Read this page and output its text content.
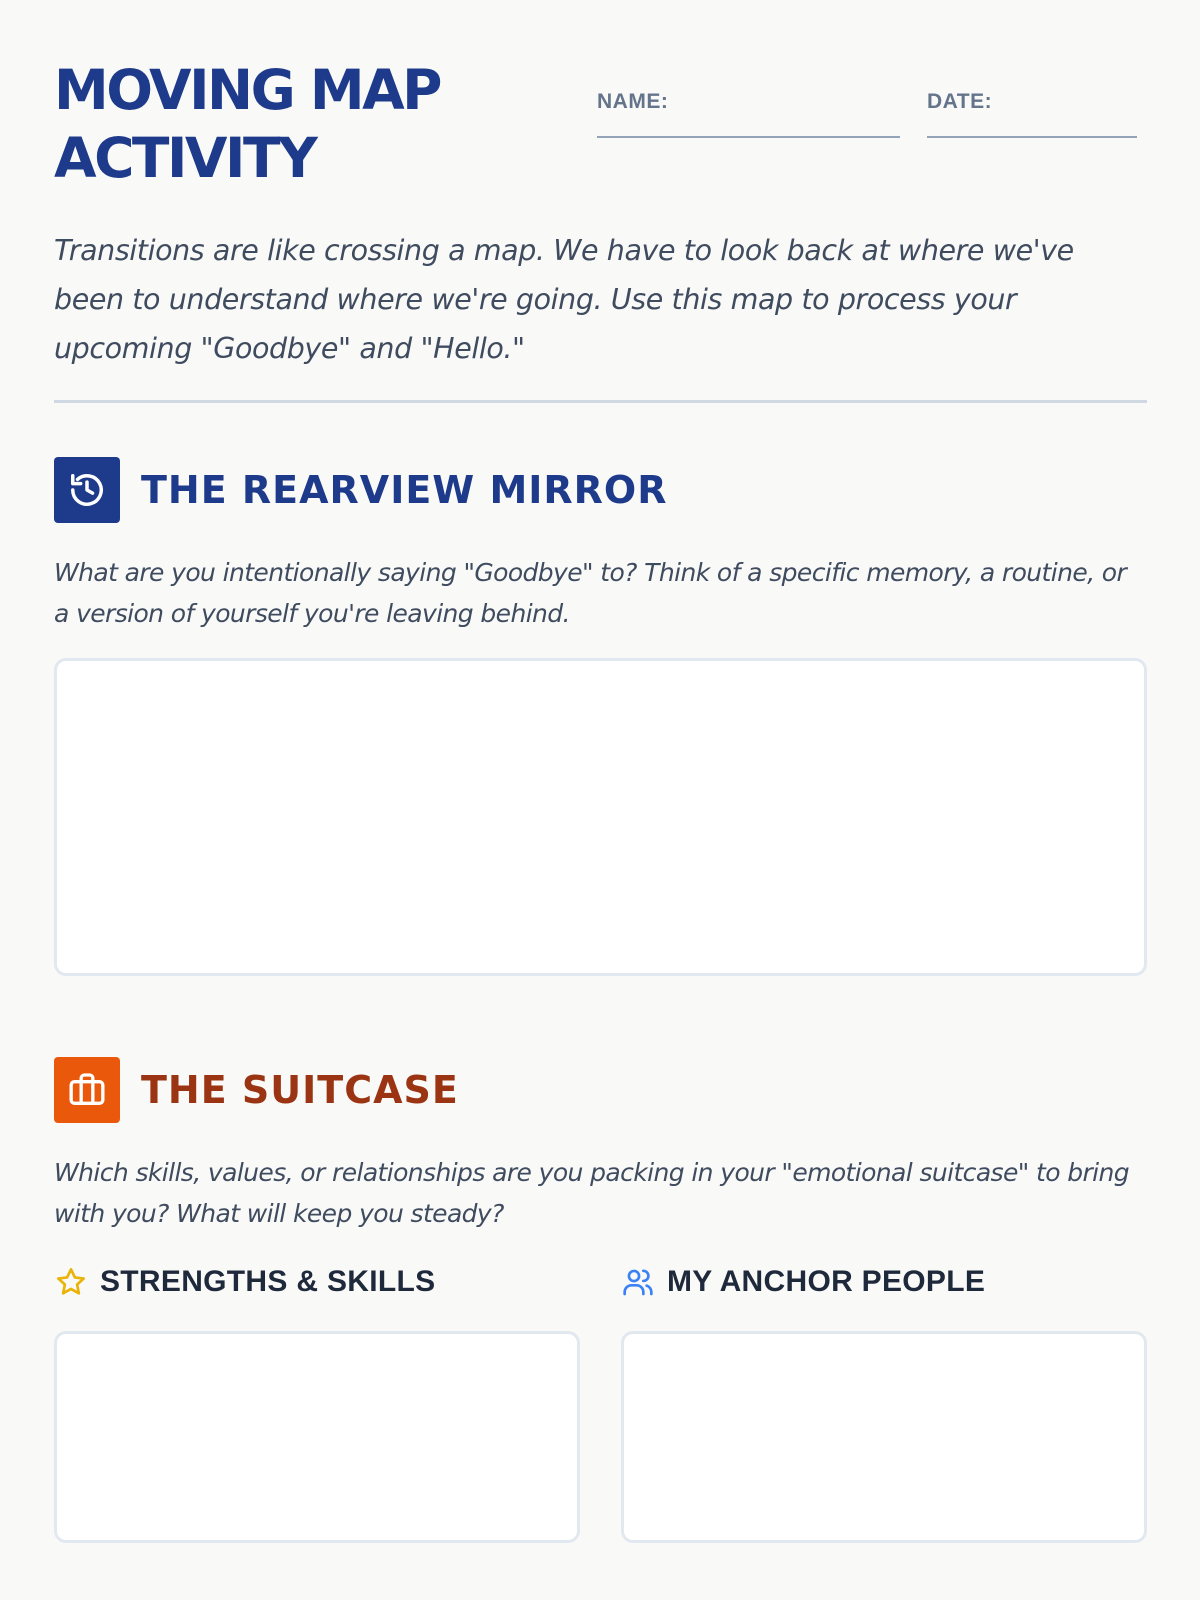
MOVING MAP ACTIVITY
NAME:	DATE:

Transitions are like crossing a map. We have to look back at where we've been to understand where we're going. Use this map to process your upcoming "Goodbye" and "Hello."

THE REARVIEW MIRROR

What are you intentionally saying "Goodbye" to? Think of a specific memory, a routine, or a version of yourself you're leaving behind.

THE SUITCASE

Which skills, values, or relationships are you packing in your "emotional suitcase" to bring with you? What will keep you steady?

STRENGTHS & SKILLS	MY ANCHOR PEOPLE
